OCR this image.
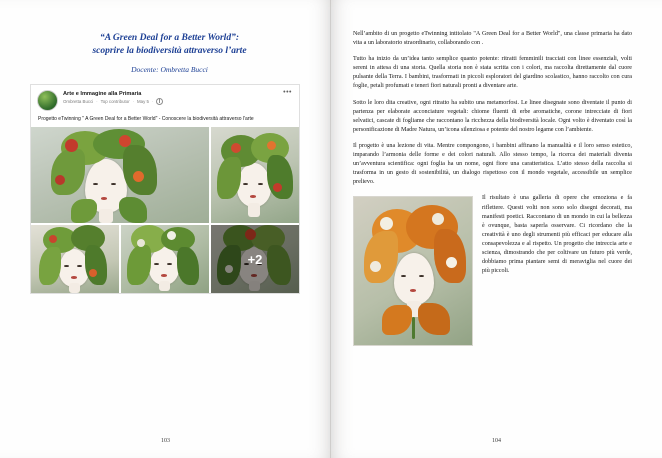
“A Green Deal for a Better World”:
scoprire la biodiversità attraverso l’arte
Docente: Ombretta Bucci
Arte e Immagine alla Primaria
Ombretta Bucci · Top contributor · May 5 ·
•••
Progetto eTwinning " A Green Deal for a Better World" - Conoscere la biodiversità attraverso l'arte
+2
103

Nell’ambito di un progetto eTwinning intitolato "A Green Deal for a Better World", una classe primaria ha dato vita a un laboratorio straordinario, collaborando con .

Tutto ha inizio da un’idea tanto semplice quanto potente: ritratti femminili tracciati con linee essenziali, volti sereni in attesa di una storia. Quella storia non è stata scritta con i colori, ma raccolta direttamente dal cuore pulsante della Terra. I bambini, trasformati in piccoli esploratori del giardino scolastico, hanno raccolto con cura foglie, petali profumati e teneri fiori naturali pronti a diventare arte.

Sotto le loro dita creative, ogni ritratto ha subito una metamorfosi. Le linee disegnate sono diventate il punto di partenza per elaborate acconciature vegetali: chiome fluenti di erbe aromatiche, corone intrecciate di fiori selvatici, cascate di fogliame che raccontano la ricchezza della biodiversità locale. Ogni volto è diventato così la personificazione di Madre Natura, un’icona silenziosa e potente del nostro legame con l’ambiente.

Il progetto è una lezione di vita. Mentre compongono, i bambini affinano la manualità e il loro senso estetico, imparando l’armonia delle forme e dei colori naturali. Allo stesso tempo, la ricerca dei materiali diventa un’avventura scientifica: ogni foglia ha un nome, ogni fiore una caratteristica. L’atto stesso della raccolta si trasforma in un gesto di sostenibilità, un dialogo rispettoso con il mondo vegetale, accessibile un semplice prelievo.

Il risultato è una galleria di opere che emoziona e fa riflettere. Questi volti non sono solo disegni decorati, ma manifesti poetici. Raccontano di un mondo in cui la bellezza è ovunque, basta saperla osservare. Ci ricordano che la creatività è uno degli strumenti più efficaci per educare alla consapevolezza e al rispetto. Un progetto che intreccia arte e scienza, dimostrando che per coltivare un futuro più verde, dobbiamo prima piantare semi di meraviglia nel cuore dei più piccoli.

104
